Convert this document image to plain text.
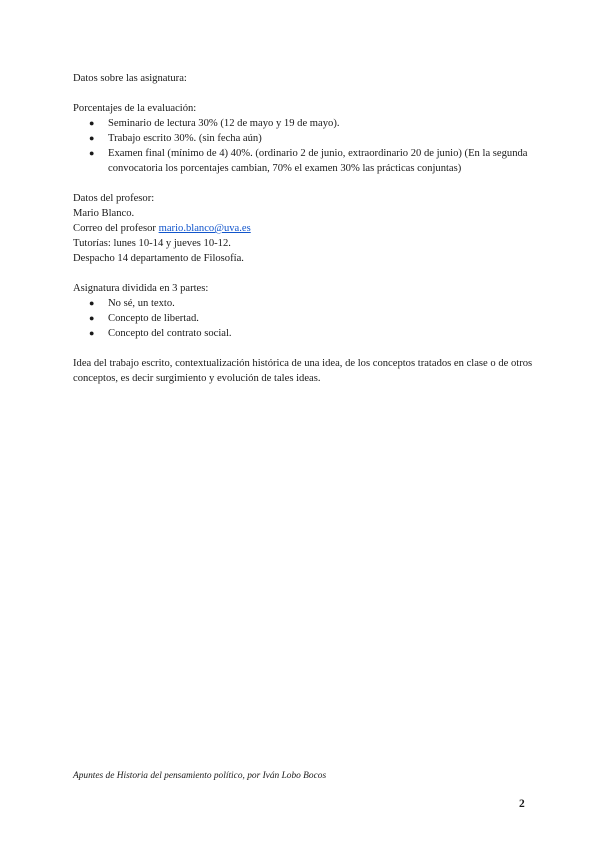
Datos sobre las asignatura:

Porcentajes de la evaluación:

● Seminario de lectura 30% (12 de mayo y 19 de mayo).
● Trabajo escrito 30%. (sin fecha aún)
● Examen final (mínimo de 4) 40%. (ordinario 2 de junio, extraordinario 20 de junio) (En la segunda convocatoria los porcentajes cambian, 70% el examen 30% las prácticas conjuntas)

Datos del profesor:

Mario Blanco.

Correo del profesor mario.blanco@uva.es

Tutorías: lunes 10-14 y jueves 10-12.

Despacho 14 departamento de Filosofía.

Asignatura dividida en 3 partes:

● No sé, un texto.
● Concepto de libertad.
● Concepto del contrato social.

Idea del trabajo escrito, contextualización histórica de una idea, de los conceptos tratados en clase o de otros conceptos, es decir surgimiento y evolución de tales ideas.

Apuntes de Historia del pensamiento político, por Iván Lobo Bocos
2
